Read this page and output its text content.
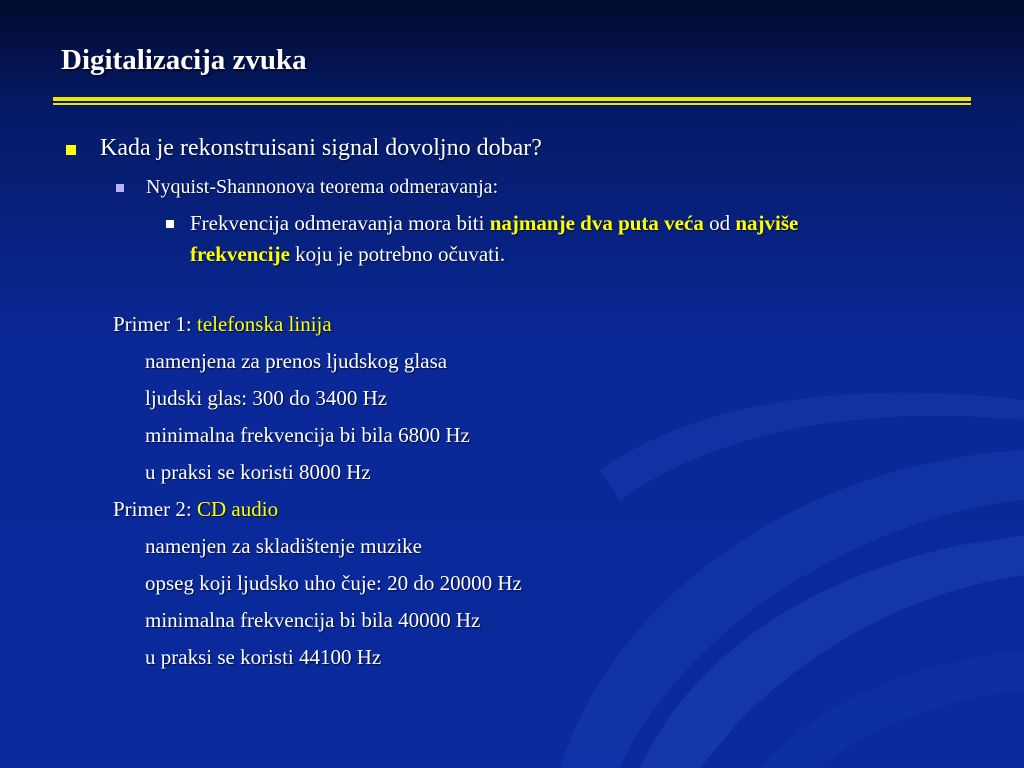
Digitalizacija zvuka
Kada je rekonstruisani signal dovoljno dobar?
Nyquist-Shannonova teorema odmeravanja:
Frekvencija odmeravanja mora biti najmanje dva puta veća od najviše
frekvencije koju je potrebno očuvati.
Primer 1: telefonska linija
namenjena za prenos ljudskog glasa
ljudski glas: 300 do 3400 Hz
minimalna frekvencija bi bila 6800 Hz
u praksi se koristi 8000 Hz
Primer 2: CD audio
namenjen za skladištenje muzike
opseg koji ljudsko uho čuje: 20 do 20000 Hz
minimalna frekvencija bi bila 40000 Hz
u praksi se koristi 44100 Hz
